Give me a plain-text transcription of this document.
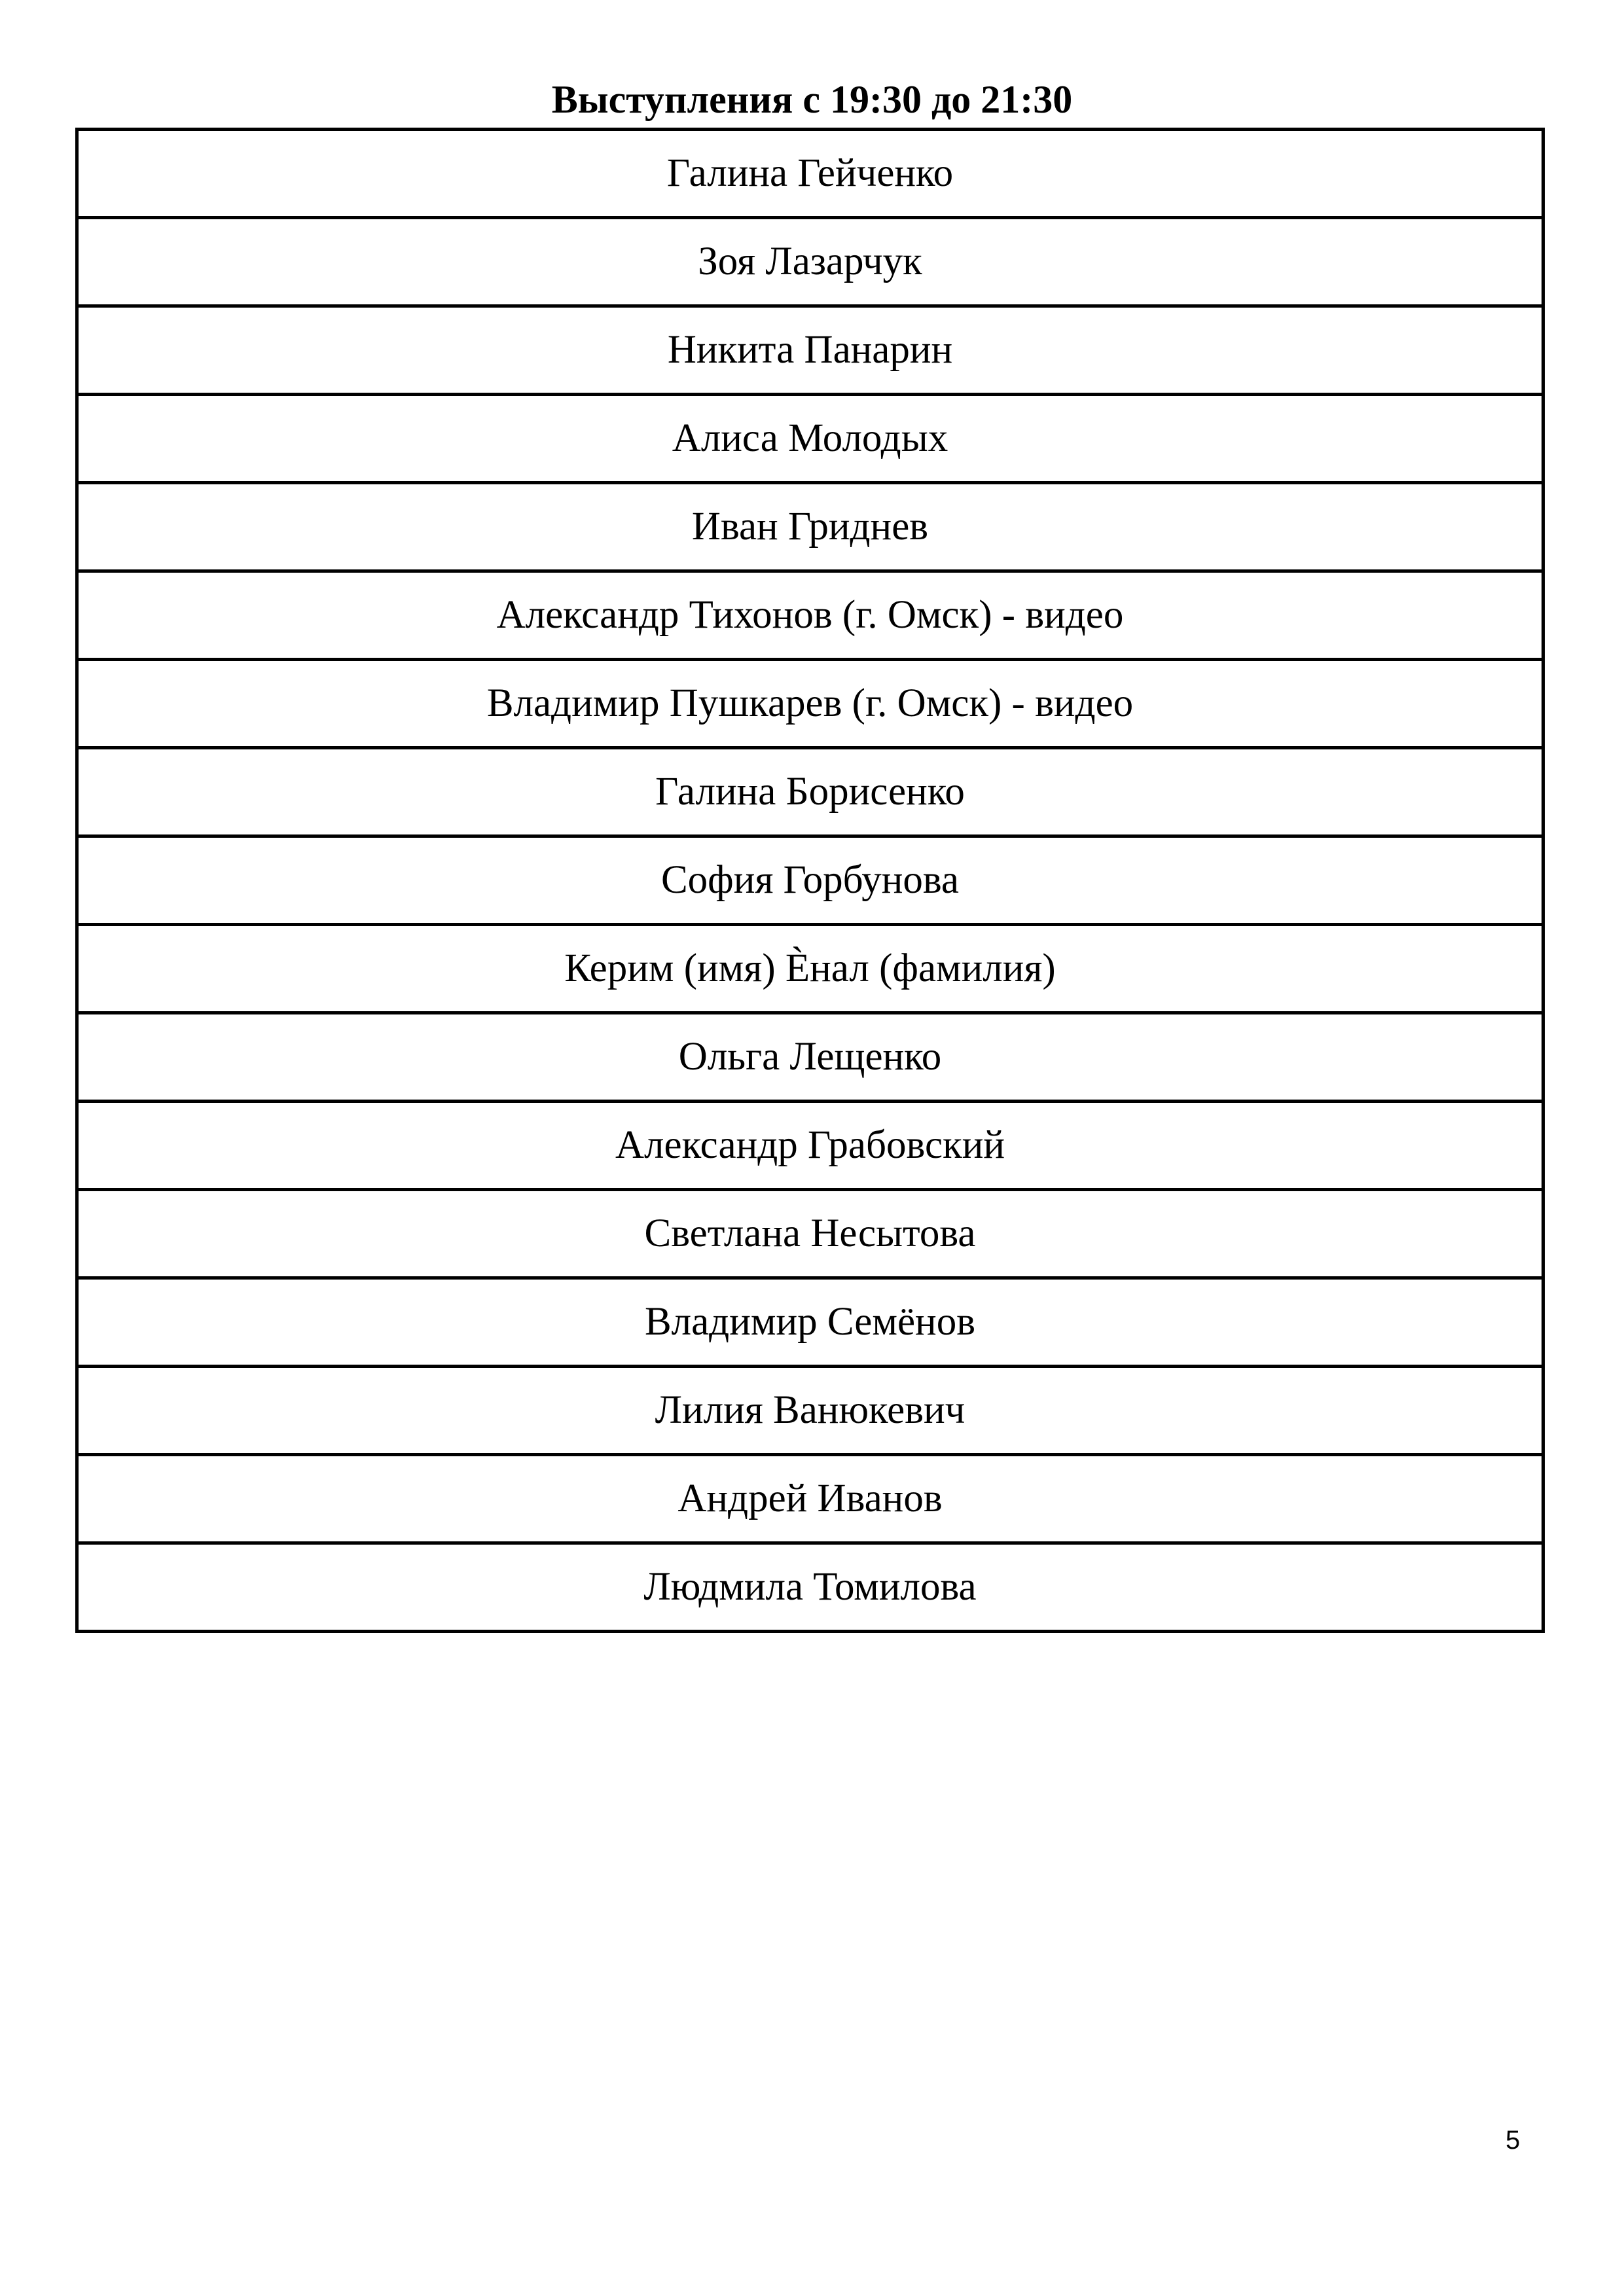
Выступления с 19:30 до 21:30
Галина Гейченко
Зоя Лазарчук
Никита Панарин
Алиса Молодых
Иван Гриднев
Александр Тихонов (г. Омск) - видео
Владимир Пушкарев (г. Омск) - видео
Галина Борисенко
София Горбунова
Керим (имя) Ѐнал (фамилия)
Ольга Лещенко
Александр Грабовский
Светлана Несытова
Владимир Семёнов
Лилия Ванюкевич
Андрей Иванов
Людмила Томилова
5
